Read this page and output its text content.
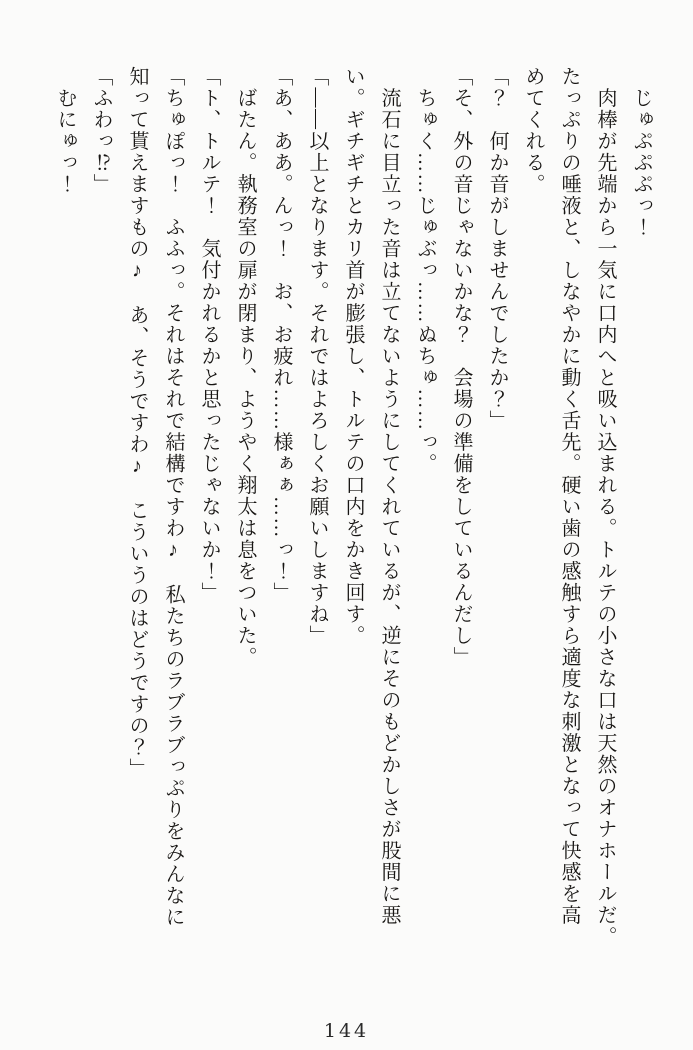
　じゅぷぷぷっ！

　肉棒が先端から一気に口内へと吸い込まれる。トルテの小さな口は天然のオナホールだ。

たっぷりの唾液と、しなやかに動く舌先。硬い歯の感触すら適度な刺激となって快感を高

めてくれる。

「？　何か音がしませんでしたか？」

「そ、外の音じゃないかな？　会場の準備をしているんだし」

　ちゅく……じゅぶっ……ぬちゅ……っ。

　流石に目立った音は立てないようにしてくれているが、逆にそのもどかしさが股間に悪

い。ギチギチとカリ首が膨張し、トルテの口内をかき回す。

「――以上となります。それではよろしくお願いしますね」

「あ、ああ。んっ！　お、お疲れ……様ぁぁ……っ！」

　ばたん。執務室の扉が閉まり、ようやく翔太は息をついた。

「ト、トルテ！　気付かれるかと思ったじゃないか！」

「ちゅぽっ！　ふふっ。それはそれで結構ですわ♪　私たちのラブラブっぷりをみんなに

知って貰えますもの♪　あ、そうですわ♪　こういうのはどうですの？」

「ふわっ⁉」

　むにゅっ！

144
